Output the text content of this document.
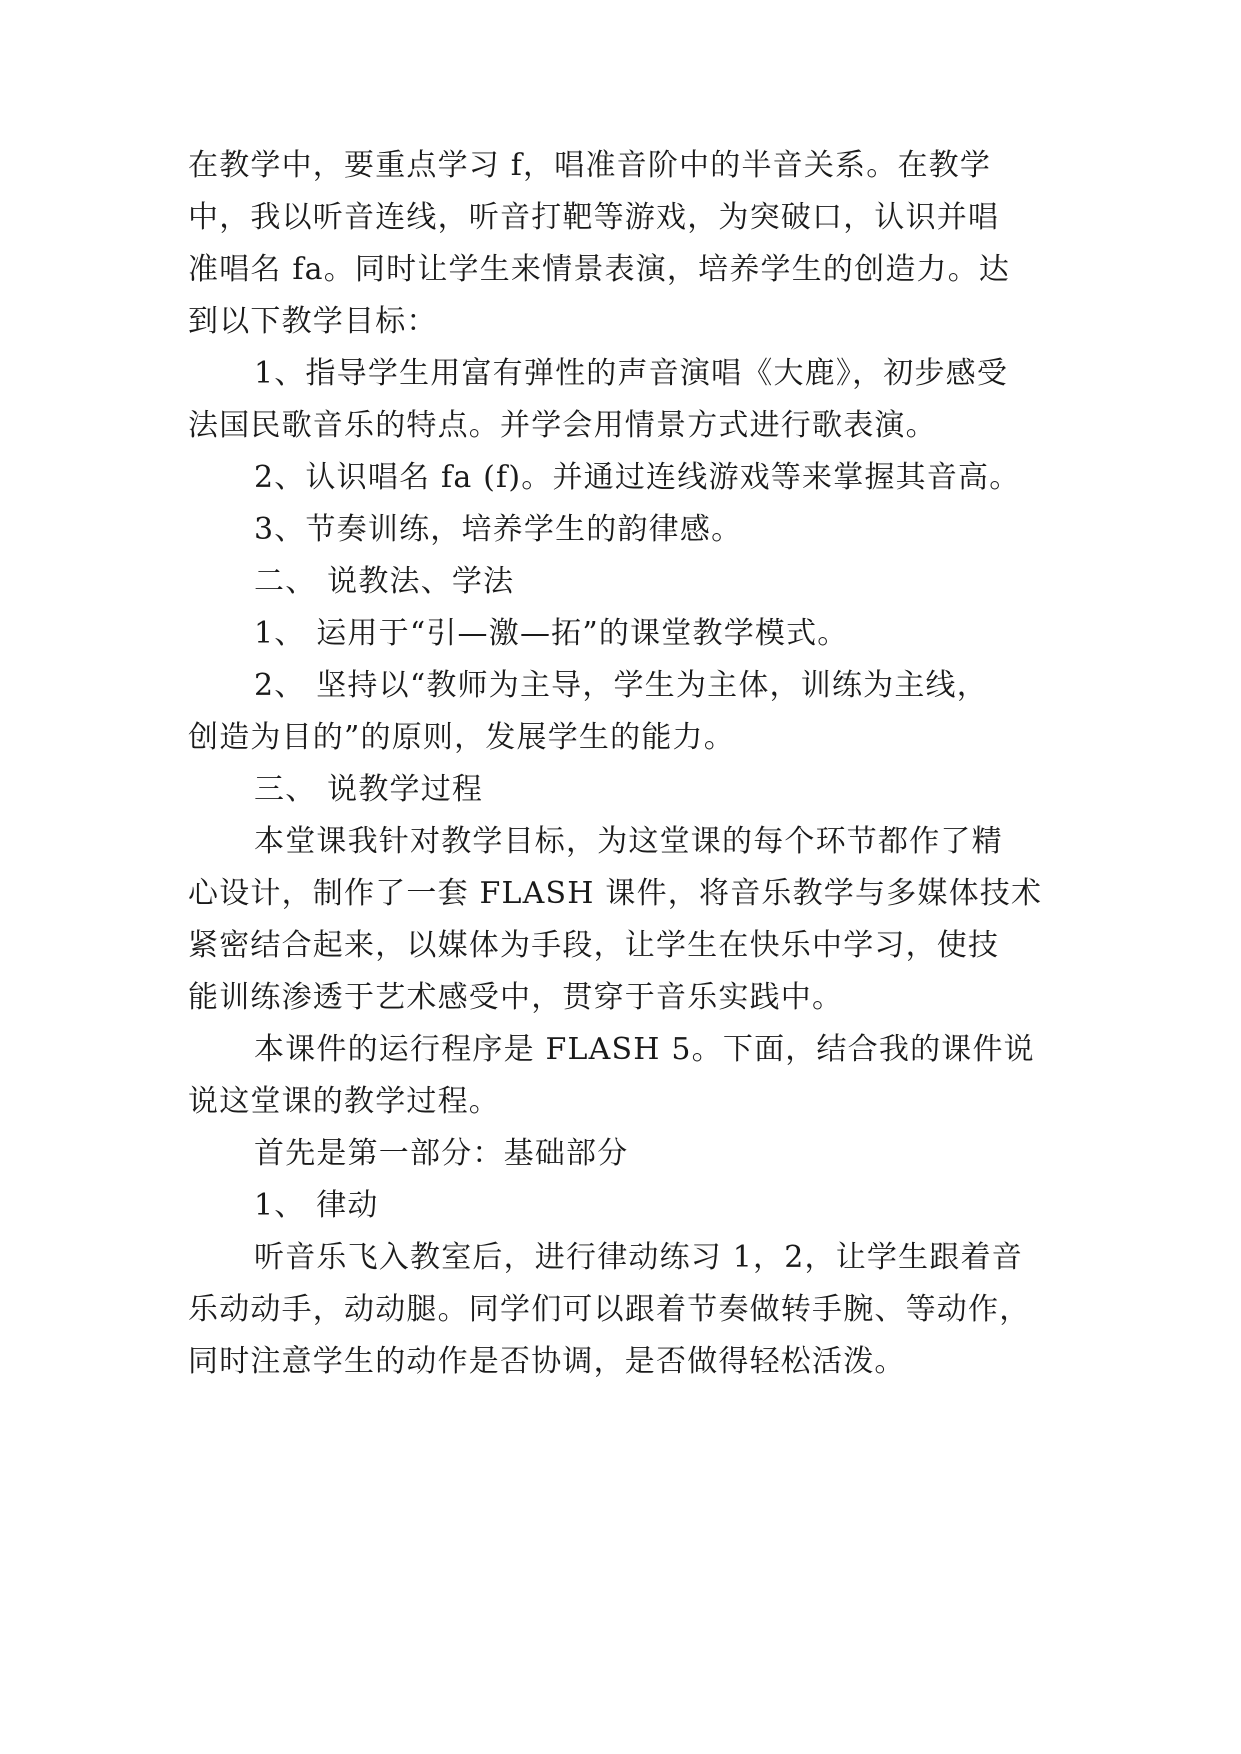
在教学中，要重点学习 f，唱准音阶中的半音关系。在教学

中，我以听音连线，听音打靶等游戏，为突破口，认识并唱

准唱名 fa。同时让学生来情景表演，培养学生的创造力。达

到以下教学目标：

1、指导学生用富有弹性的声音演唱《大鹿》，初步感受

法国民歌音乐的特点。并学会用情景方式进行歌表演。

2、认识唱名 fa (f)。并通过连线游戏等来掌握其音高。

3、节奏训练，培养学生的韵律感。

二、 说教法、学法

1、 运用于“引—激—拓”的课堂教学模式。

2、 坚持以“教师为主导，学生为主体，训练为主线，

创造为目的”的原则，发展学生的能力。

三、 说教学过程

本堂课我针对教学目标，为这堂课的每个环节都作了精

心设计，制作了一套 FLASH 课件，将音乐教学与多媒体技术

紧密结合起来，以媒体为手段，让学生在快乐中学习，使技

能训练渗透于艺术感受中，贯穿于音乐实践中。

本课件的运行程序是 FLASH 5。下面，结合我的课件说

说这堂课的教学过程。

首先是第一部分：基础部分

1、 律动

听音乐飞入教室后，进行律动练习 1，2，让学生跟着音

乐动动手，动动腿。同学们可以跟着节奏做转手腕、等动作，

同时注意学生的动作是否协调，是否做得轻松活泼。
